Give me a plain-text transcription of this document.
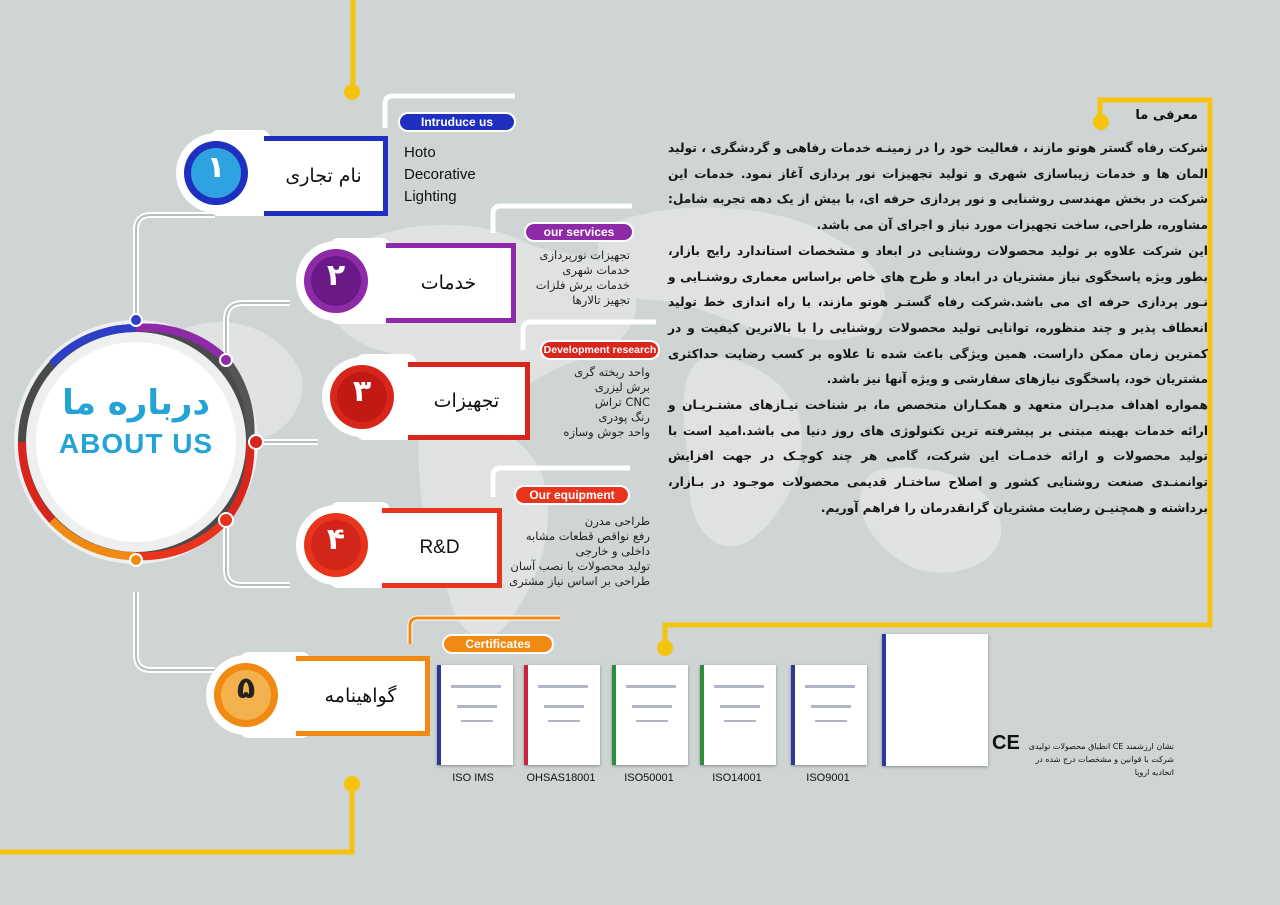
درباره ما
ABOUT US
۱	نام تجاری
Intruduce us
Hoto
Decorative
Lighting
۲	خدمات
our services
تجهیزات نورپردازی
خدمات شهری
خدمات برش فلزات
تجهیز تالارها
۳	تجهیزات
Development research
واحد ریخته گری
برش لیزری
CNC تراش
رنگ پودری
واحد جوش وسازه
۴	R&D
Our equipment
طراحی مدرن
رفع نواقص قطعات مشابه
داخلی و خارجی
تولید محصولات با نصب آسان
طراحی بر اساس نیاز مشتری
۵	گواهینامه
Certificates
معرفی ما

شرکت رفاه گستر هوتو مازند ، فعالیت خود را در زمینـه خدمات رفاهی و گردشگری ، تولید المان ها و خدمات زیباسازی شهری و تولید تجهیزات نور پردازی آغاز نمود. خدمات این شرکت در بخش مهندسی روشنایی و نور پردازی حرفه ای، با بیش از یک دهه تجربه شامل: مشاوره، طراحی، ساخت تجهیزات مورد نیاز و اجرای آن می باشد.

این شرکت علاوه بر تولید محصولات روشنایی در ابعاد و مشخصات استاندارد رایج بازار، بطور ویژه پاسخگوی نیاز مشتریان در ابعاد و طرح های خاص براساس معماری روشنـایی و نـور پردازی حرفه ای می باشد.شرکت رفاه گستـر هوتو مازند، با راه اندازی خط تولید انعطاف پذیر و چند منظوره، توانایی تولید محصولات روشنایی را با بالاترین کیفیت و در کمترین زمان ممکن داراست. همین ویژگی باعث شده تا علاوه بر کسب رضایت حداکثری مشتریان خود، پاسخگوی نیازهای سفارشی و ویژه آنها نیز باشد.

همواره اهداف مدیـران متعهد و همکـاران متخصص ما، بر شناخت نیـازهای مشتـریـان و ارائه خدمات بهینه مبتنی بر پیشرفته ترین تکنولوژی های روز دنیا می باشد.امید است با تولید محصولات و ارائه خدمـات این شرکت، گامی هر چند کوچـک در جهت افزایش توانمنـدی صنعت روشنایی کشور و اصلاح ساختـار قدیمی محصولات موجـود در بـازار، برداشته و همچنیـن رضایت مشتریان گرانقدرمان را فراهم آوریم.

ISO IMS	OHSAS18001	ISO50001	ISO14001	ISO9001
CE	نشان ارزشمند CE انطباق محصولات تولیدی
شرکت با قوانین و مشخصات درج شده در اتحادیه اروپا
